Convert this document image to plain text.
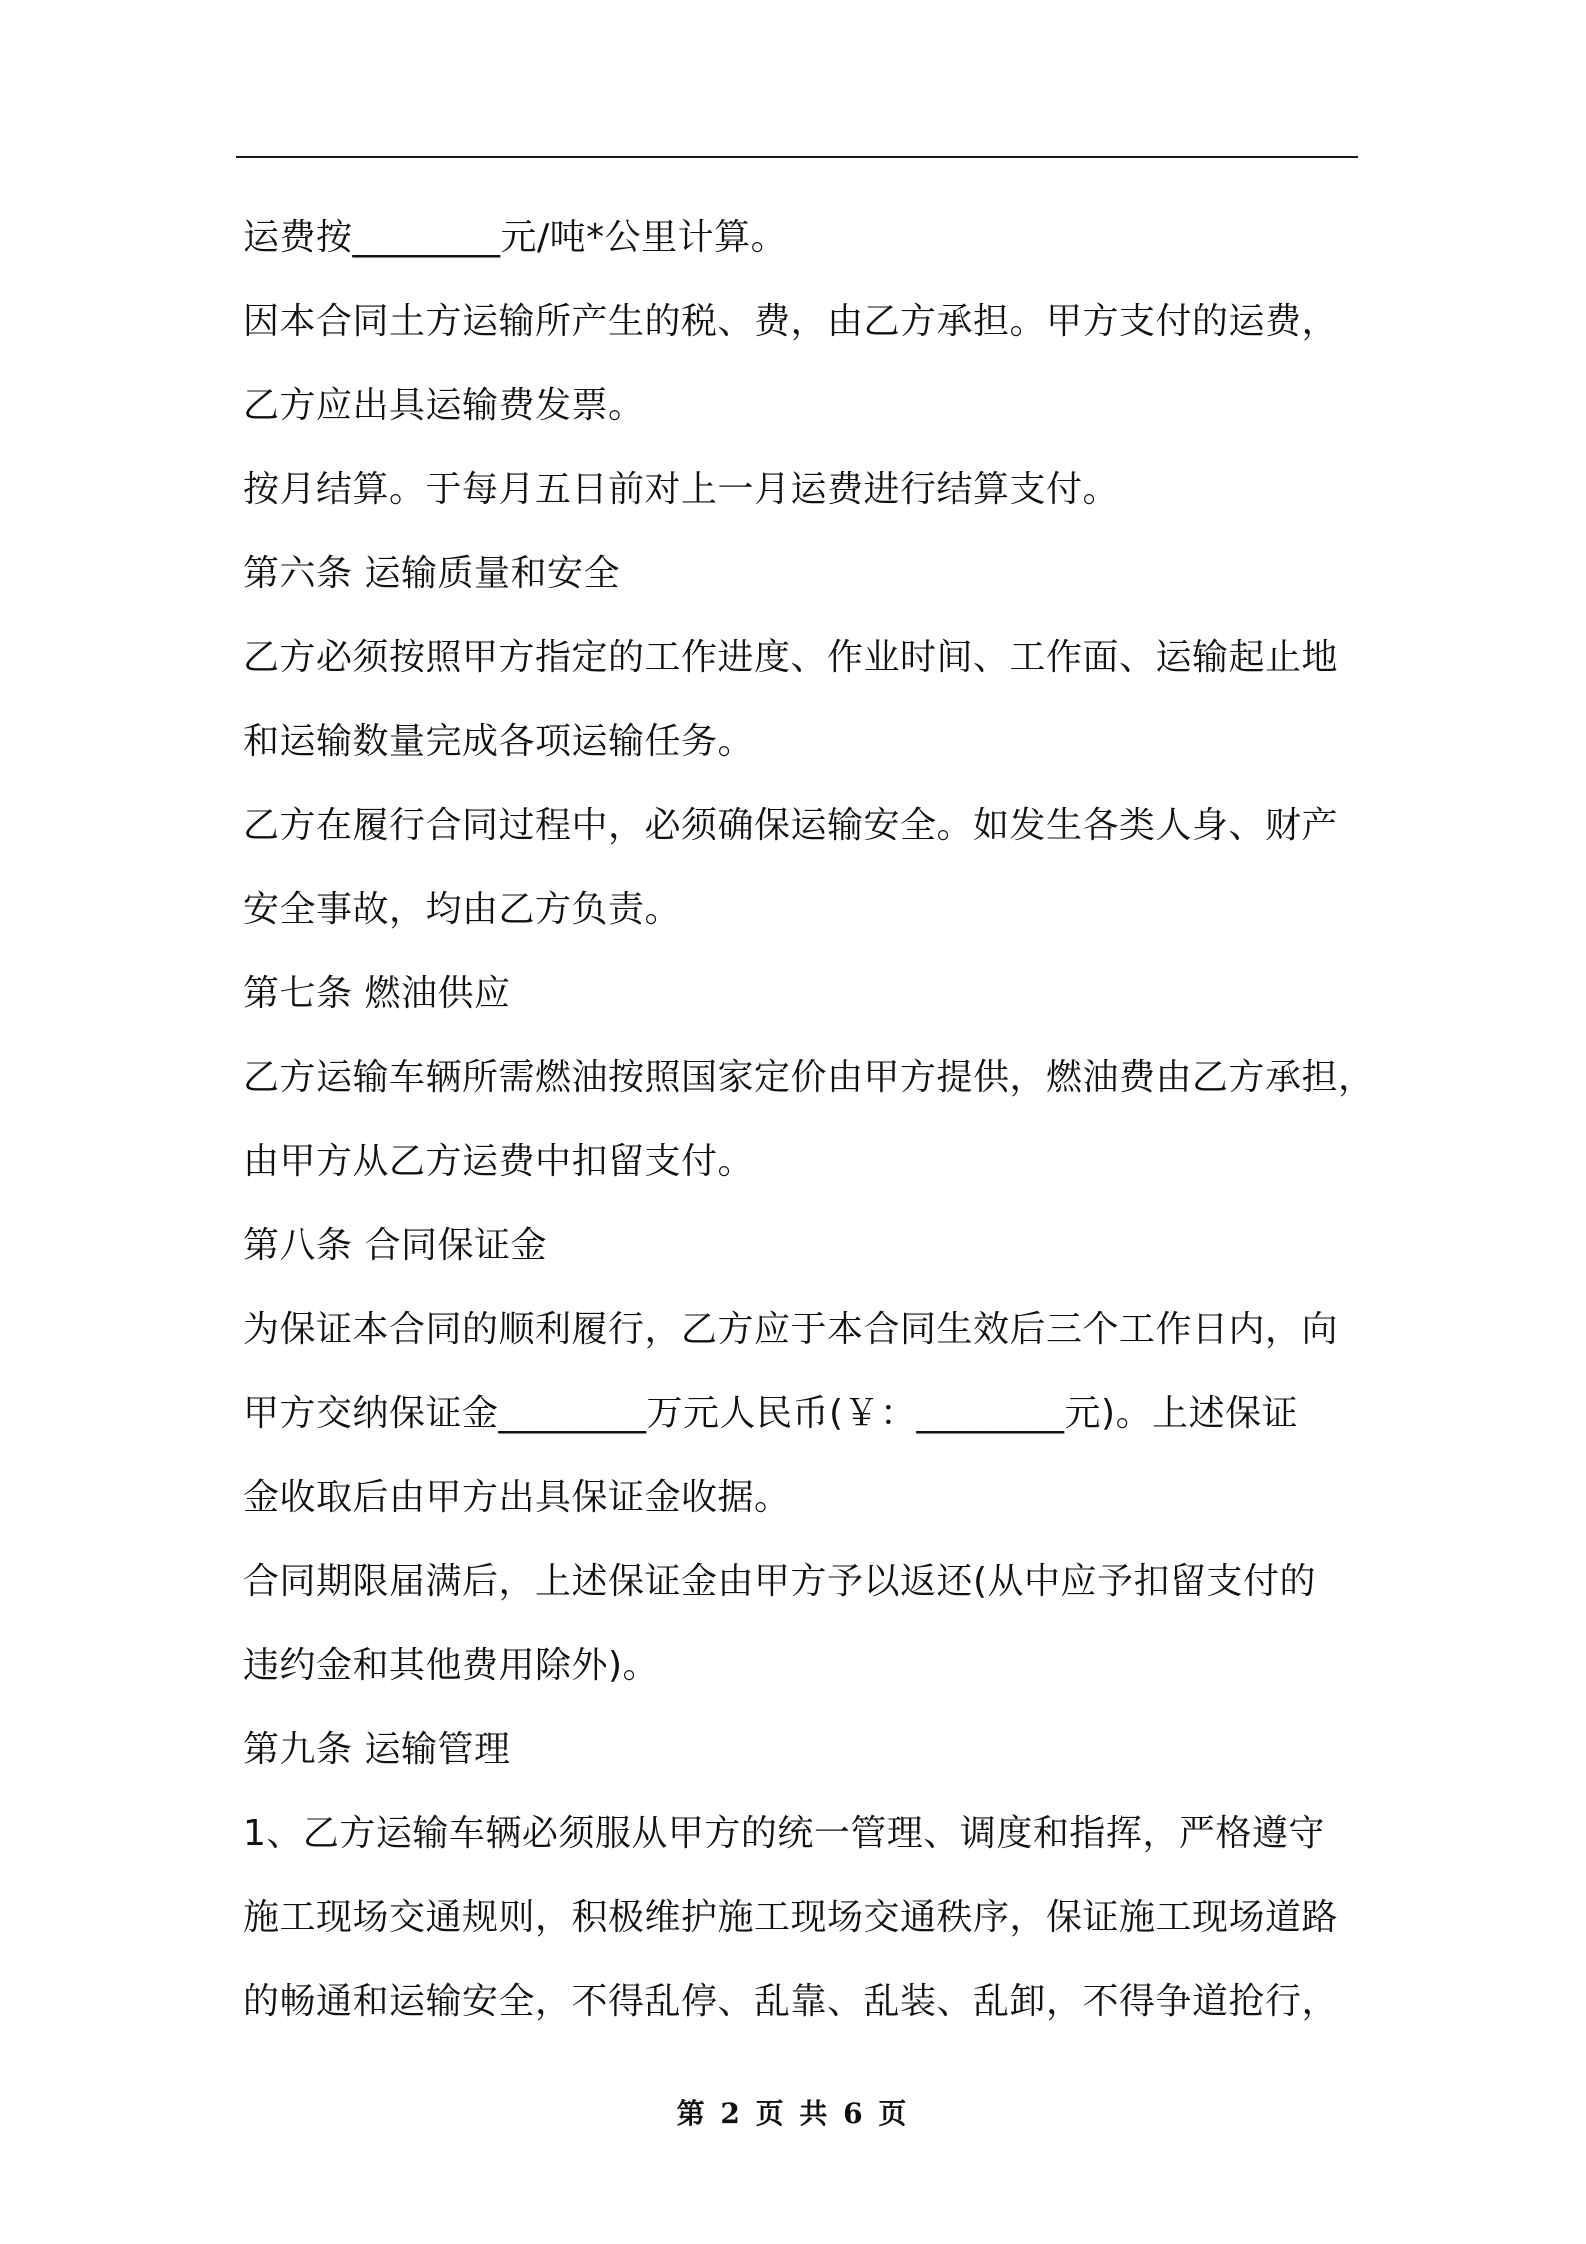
运费按________元/吨*公里计算。
因本合同土方运输所产生的税、费，由乙方承担。甲方支付的运费，
乙方应出具运输费发票。
按月结算。于每月五日前对上一月运费进行结算支付。
第六条 运输质量和安全
乙方必须按照甲方指定的工作进度、作业时间、工作面、运输起止地
和运输数量完成各项运输任务。
乙方在履行合同过程中，必须确保运输安全。如发生各类人身、财产
安全事故，均由乙方负责。
第七条 燃油供应
乙方运输车辆所需燃油按照国家定价由甲方提供，燃油费由乙方承担，
由甲方从乙方运费中扣留支付。
第八条 合同保证金
为保证本合同的顺利履行，乙方应于本合同生效后三个工作日内，向
甲方交纳保证金________万元人民币(￥：________元)。上述保证
金收取后由甲方出具保证金收据。
合同期限届满后，上述保证金由甲方予以返还(从中应予扣留支付的
违约金和其他费用除外)。
第九条 运输管理
1、乙方运输车辆必须服从甲方的统一管理、调度和指挥，严格遵守
施工现场交通规则，积极维护施工现场交通秩序，保证施工现场道路
的畅通和运输安全，不得乱停、乱靠、乱装、乱卸，不得争道抢行，
第 2 页 共 6 页
